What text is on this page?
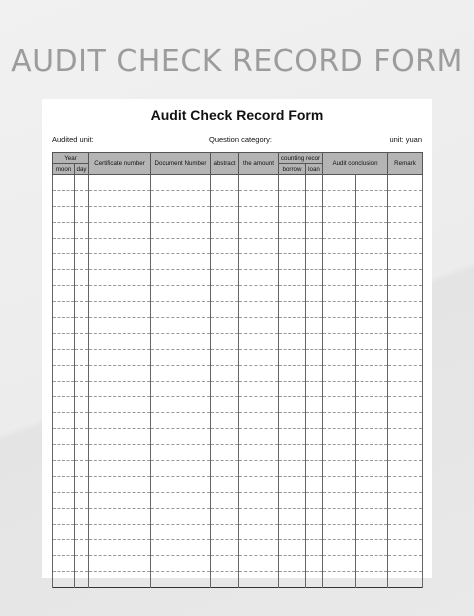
AUDIT CHECK RECORD FORM
Audit Check Record Form
Audited unit:	Question category:	unit: yuan
Year		Certificate number	Document Number	abstract	the amount	counting recor		Audit conclusion		Remark
moon	day					borrow	loan			
